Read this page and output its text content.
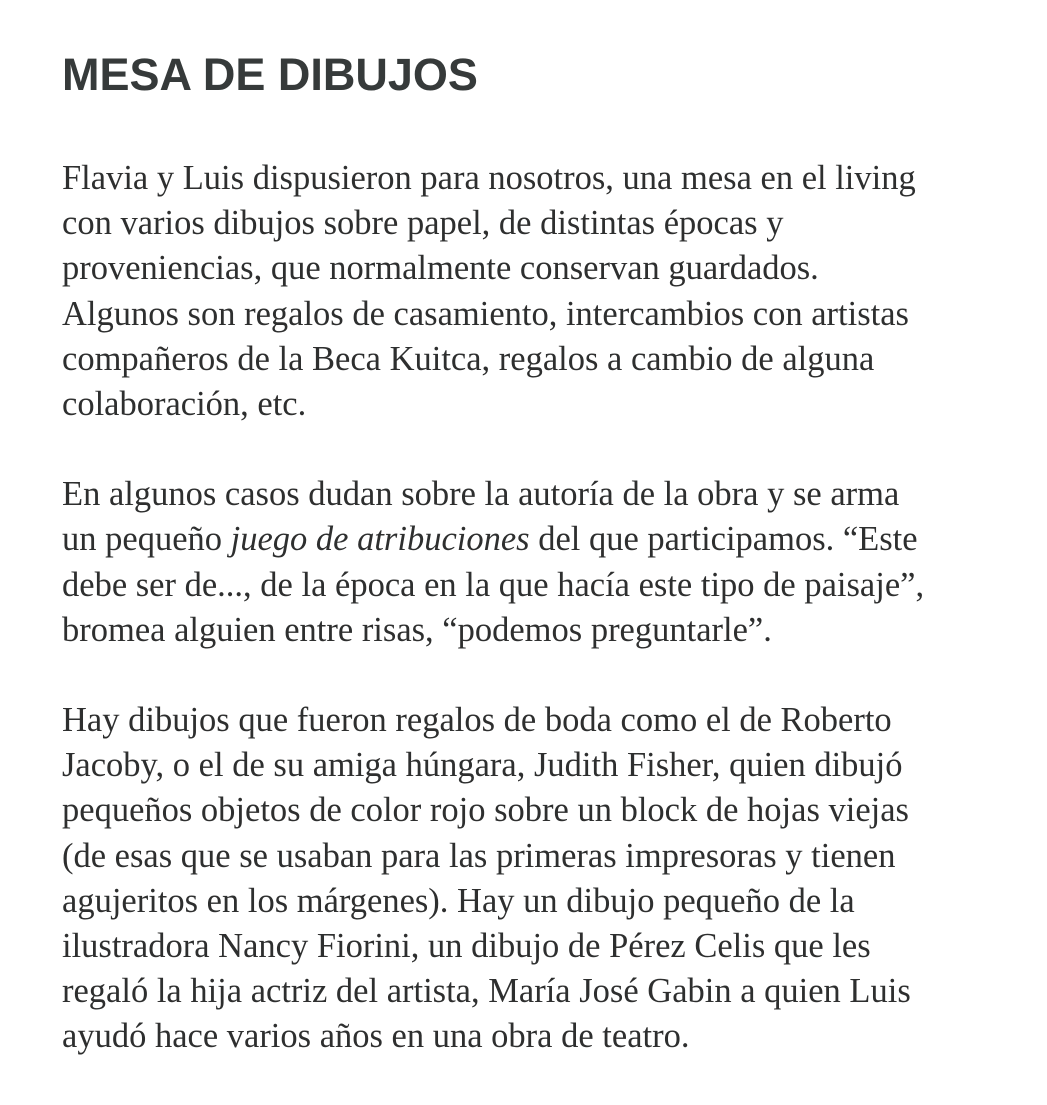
MESA DE DIBUJOS

Flavia y Luis dispusieron para nosotros, una mesa en el living
con varios dibujos sobre papel, de distintas épocas y
proveniencias, que normalmente conservan guardados.
Algunos son regalos de casamiento, intercambios con artistas
compañeros de la Beca Kuitca, regalos a cambio de alguna
colaboración, etc.

En algunos casos dudan sobre la autoría de la obra y se arma
un pequeño juego de atribuciones del que participamos. “Este
debe ser de..., de la época en la que hacía este tipo de paisaje”,
bromea alguien entre risas, “podemos preguntarle”.

Hay dibujos que fueron regalos de boda como el de Roberto
Jacoby, o el de su amiga húngara, Judith Fisher, quien dibujó
pequeños objetos de color rojo sobre un block de hojas viejas
(de esas que se usaban para las primeras impresoras y tienen
agujeritos en los márgenes). Hay un dibujo pequeño de la
ilustradora Nancy Fiorini, un dibujo de Pérez Celis que les
regaló la hija actriz del artista, María José Gabin a quien Luis
ayudó hace varios años en una obra de teatro.
